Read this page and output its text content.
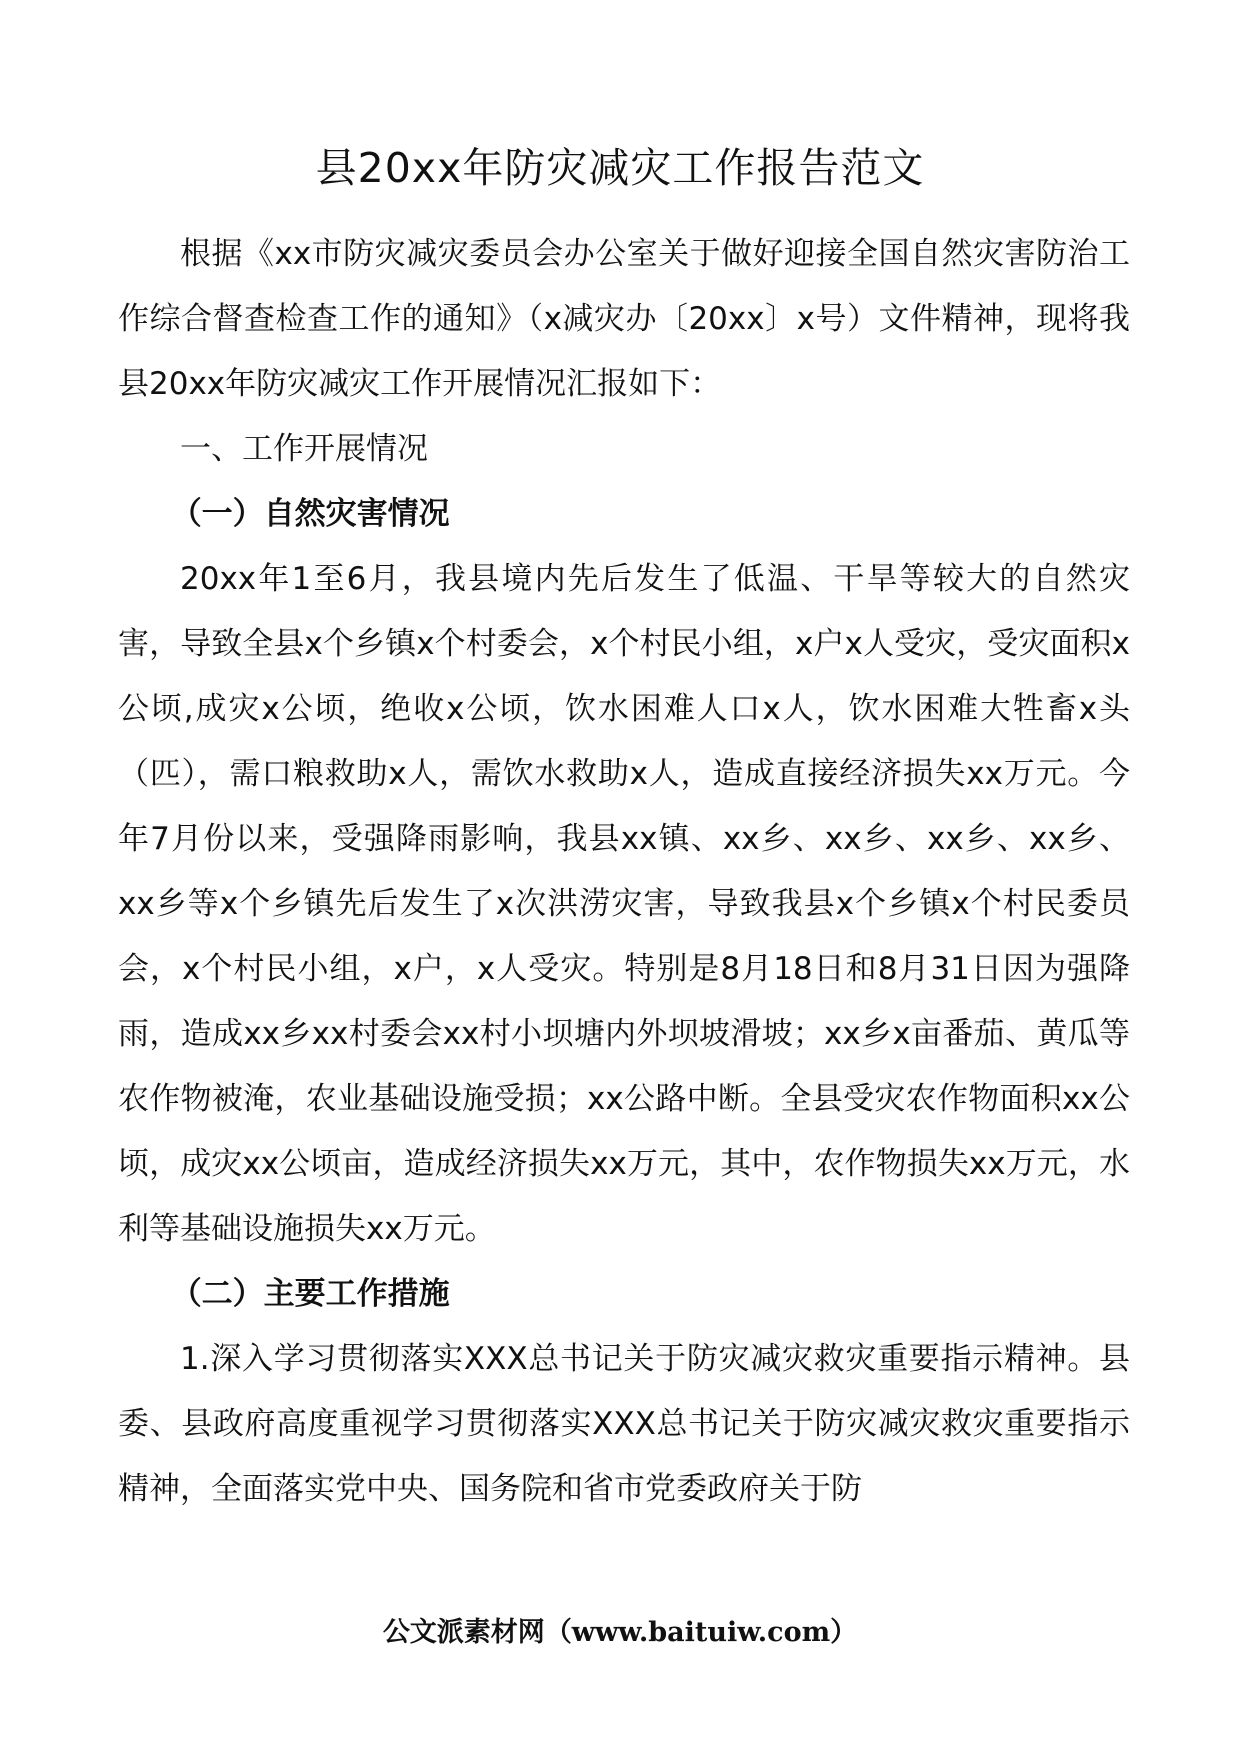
县20xx年防灾减灾工作报告范文

根据《xx市防灾减灾委员会办公室关于做好迎接全国自然灾害防治工作综合督查检查工作的通知》（x减灾办〔20xx〕x号）文件精神，现将我县20xx年防灾减灾工作开展情况汇报如下：

一、工作开展情况

（一）自然灾害情况

20xx年1至6月，我县境内先后发生了低温、干旱等较大的自然灾害，导致全县x个乡镇x个村委会，x个村民小组，x户x人受灾，受灾面积x公顷,成灾x公顷，绝收x公顷，饮水困难人口x人，饮水困难大牲畜x头（匹），需口粮救助x人，需饮水救助x人，造成直接经济损失xx万元。今年7月份以来，受强降雨影响，我县xx镇、xx乡、xx乡、xx乡、xx乡、xx乡等x个乡镇先后发生了x次洪涝灾害，导致我县x个乡镇x个村民委员会，x个村民小组，x户，x人受灾。特别是8月18日和8月31日因为强降雨，造成xx乡xx村委会xx村小坝塘内外坝坡滑坡；xx乡x亩番茄、黄瓜等农作物被淹，农业基础设施受损；xx公路中断。全县受灾农作物面积xx公顷，成灾xx公顷亩，造成经济损失xx万元，其中，农作物损失xx万元，水利等基础设施损失xx万元。

（二）主要工作措施

1.深入学习贯彻落实XXX总书记关于防灾减灾救灾重要指示精神。县委、县政府高度重视学习贯彻落实XXX总书记关于防灾减灾救灾重要指示精神，全面落实党中央、国务院和省市党委政府关于防

公文派素材网（www.baituiw.com）
